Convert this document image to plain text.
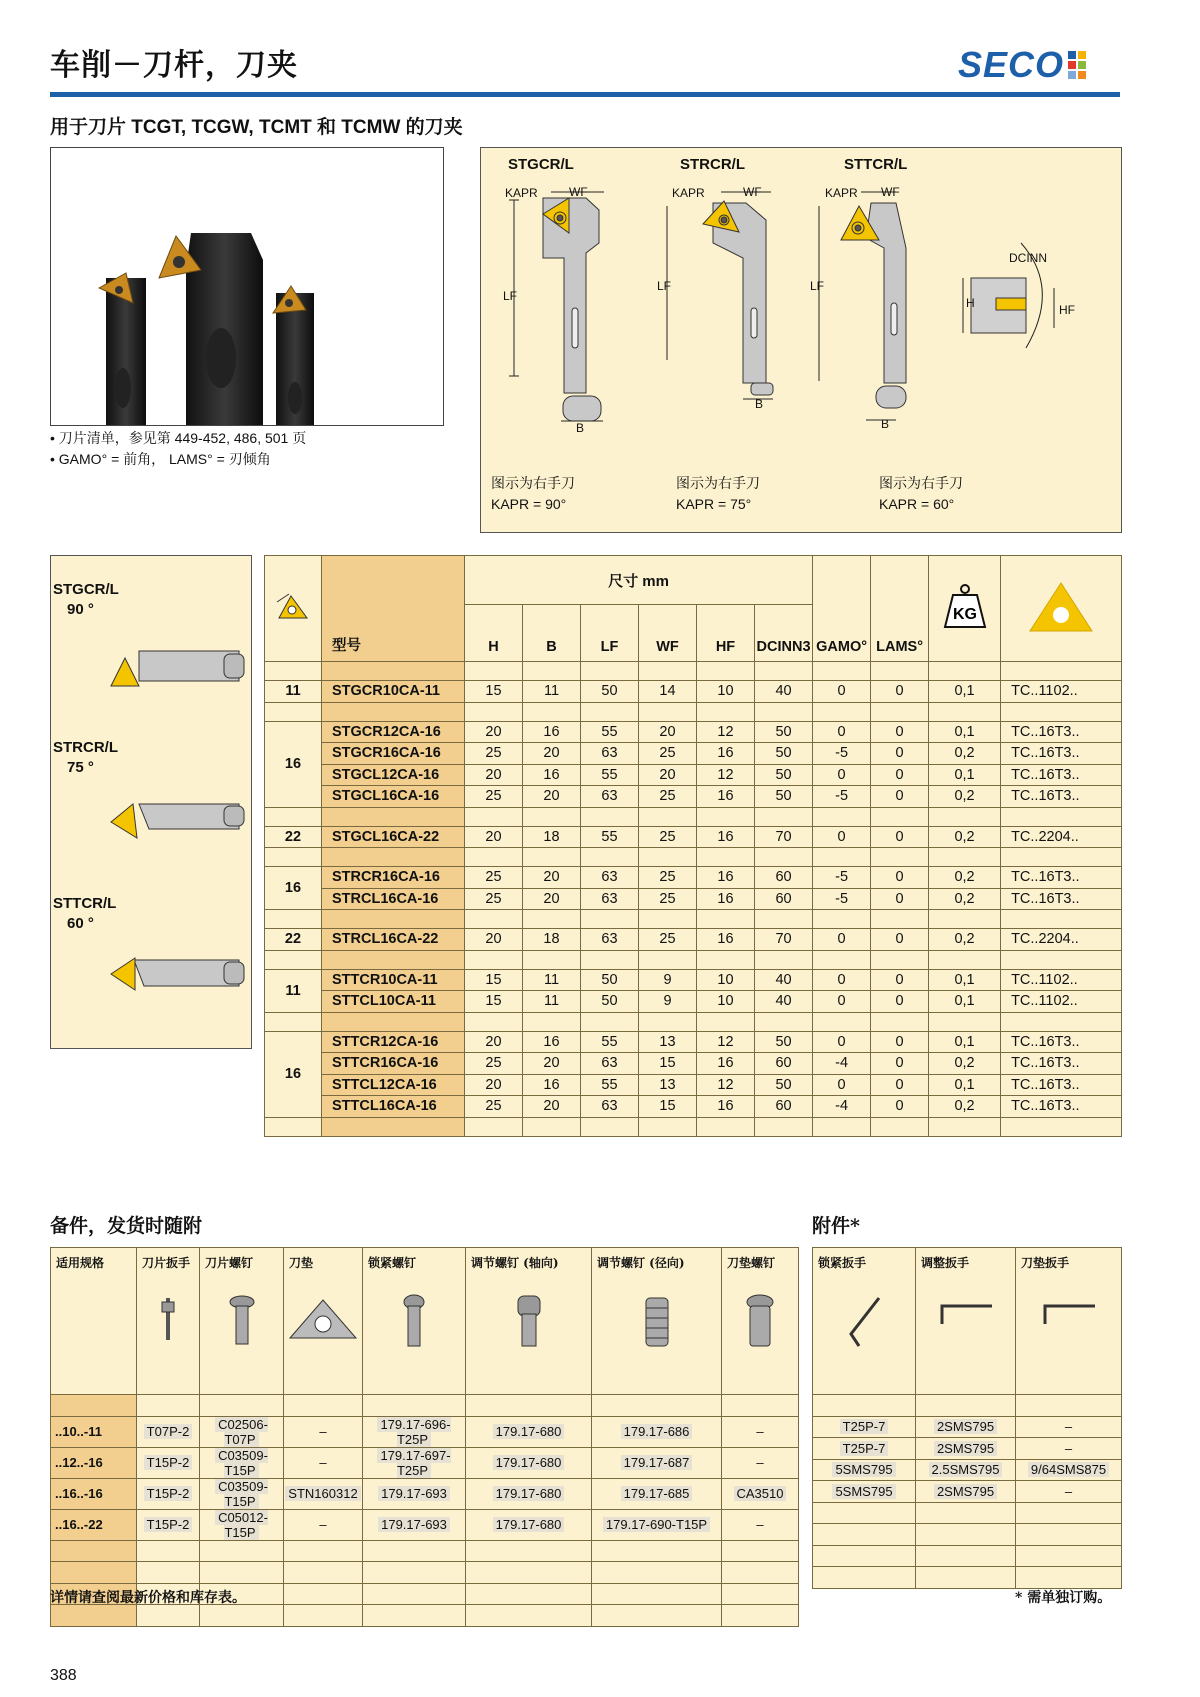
车削－刀杆，刀夹	SECO
用于刀片 TCGT, TCGW, TCMT 和 TCMW 的刀夹
• 刀片清单，参见第 449-452, 486, 501 页
• GAMO° = 前角， LAMS° = 刃倾角
STGCR/L	STRCR/L	STTCR/L
KAPR	WF
LF
B
KAPR	WF
LF
B
KAPR WF
LF
B
DCINN
H	HF
图示为右手刀
KAPR = 90°
图示为右手刀
KAPR = 75°
图示为右手刀
KAPR = 60°
STGCR/L
90 °
STRCR/L
75 °
STTCR/L
60 °
	型号	尺寸 mm						GAMO°	LAMS°	KG

		H	B	LF	WF	HF	DCINN3				

11	STGCR10CA-11	15	11	50	14	10	40	0	0	0,1	TC..1102..

16	STGCR12CA-16	20	16	55	20	12	50	0	0	0,1	TC..16T3..
	STGCR16CA-16	25	20	63	25	16	50	-5	0	0,2	TC..16T3..
	STGCL12CA-16	20	16	55	20	12	50	0	0	0,1	TC..16T3..
	STGCL16CA-16	25	20	63	25	16	50	-5	0	0,2	TC..16T3..

22	STGCL16CA-22	20	18	55	25	16	70	0	0	0,2	TC..2204..

16	STRCR16CA-16	25	20	63	25	16	60	-5	0	0,2	TC..16T3..
	STRCL16CA-16	25	20	63	25	16	60	-5	0	0,2	TC..16T3..

22	STRCL16CA-22	20	18	63	25	16	70	0	0	0,2	TC..2204..

11	STTCR10CA-11	15	11	50	9	10	40	0	0	0,1	TC..1102..
	STTCL10CA-11	15	11	50	9	10	40	0	0	0,1	TC..1102..

16	STTCR12CA-16	20	16	55	13	12	50	0	0	0,1	TC..16T3..
	STTCR16CA-16	25	20	63	15	16	60	-4	0	0,2	TC..16T3..
	STTCL12CA-16	20	16	55	13	12	50	0	0	0,1	TC..16T3..
	STTCL16CA-16	25	20	63	15	16	60	-4	0	0,2	TC..16T3..

备件，发货时随附	附件*
适用规格	刀片扳手	刀片螺钉	刀垫	锁紧螺钉	调节螺钉 (轴向)	调节螺钉 (径向)	刀垫螺钉

..10..-11	T07P-2	C02506-T07P	–	179.17-696-T25P	179.17-680	179.17-686	–
..12..-16	T15P-2	C03509-T15P	–	179.17-697-T25P	179.17-680	179.17-687	–
..16..-16	T15P-2	C03509-T15P	STN160312	179.17-693	179.17-680	179.17-685	CA3510
..16..-22	T15P-2	C05012-T15P	–	179.17-693	179.17-680	179.17-690-T15P	–

锁紧扳手	调整扳手	刀垫扳手

T25P-7	2SMS795	–
T25P-7	2SMS795	–
5SMS795	2.5SMS795	9/64SMS875
5SMS795	2SMS795	–

详情请查阅最新价格和库存表。	* 需单独订购。
388
